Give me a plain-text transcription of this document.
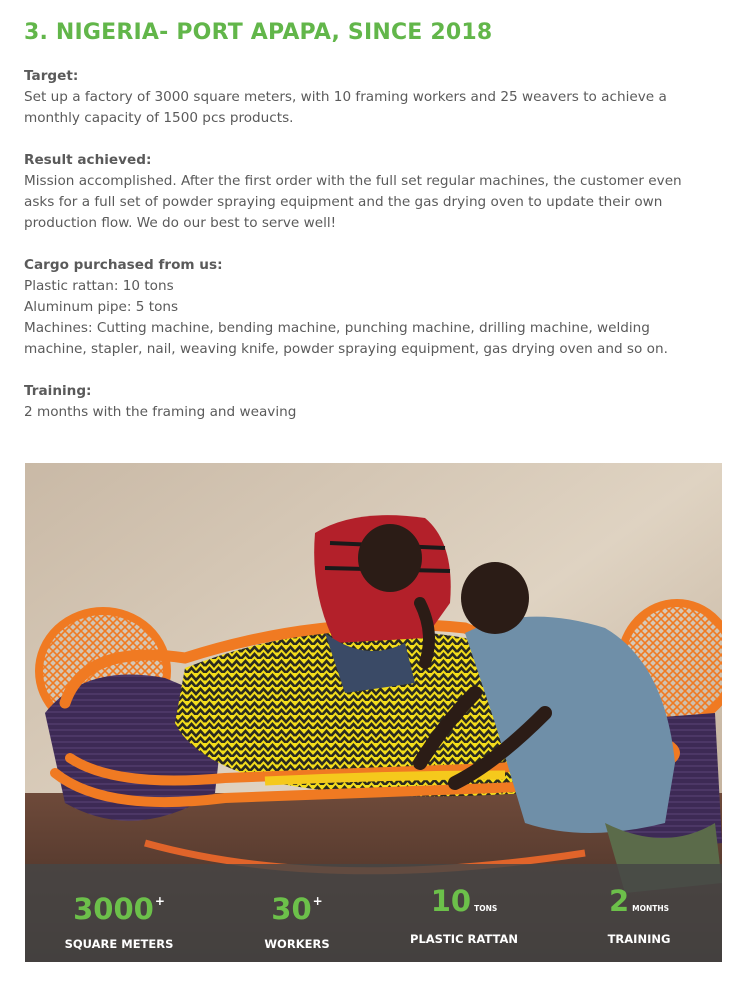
3. NIGERIA- PORT APAPA, SINCE 2018
Target:
Set up a factory of 3000 square meters, with 10 framing workers and 25 weavers to achieve a monthly capacity of 1500 pcs products.
Result achieved:
Mission accomplished. After the first order with the full set regular machines, the customer even asks for a full set of powder spraying equipment and the gas drying oven to update their own production flow. We do our best to serve well!
Cargo purchased from us:
Plastic rattan: 10 tons
Aluminum pipe: 5 tons
Machines: Cutting machine, bending machine, punching machine, drilling machine, welding machine, stapler, nail, weaving knife, powder spraying equipment, gas drying oven and so on.
Training:
2 months with the framing and weaving
3000+
SQUARE METERS
30+
WORKERS
10 TONS
PLASTIC RATTAN
2 MONTHS
TRAINING
